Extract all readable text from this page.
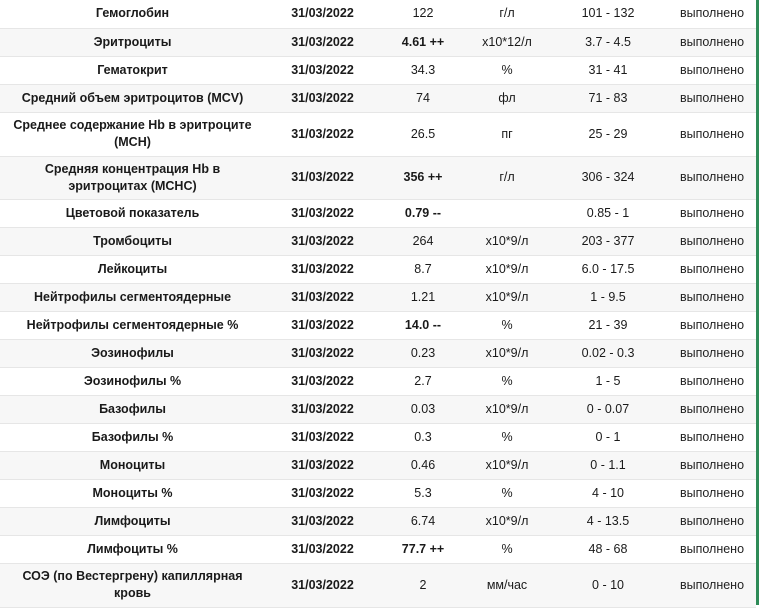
Гемоглобин	31/03/2022	122	г/л	101 - 132	выполнено
Эритроциты	31/03/2022	4.61 ++	x10*12/л	3.7 - 4.5	выполнено
Гематокрит	31/03/2022	34.3	%	31 - 41	выполнено
Средний объем эритроцитов (MCV)	31/03/2022	74	фл	71 - 83	выполнено
Среднее содержание Hb в эритроците (MCH)	31/03/2022	26.5	пг	25 - 29	выполнено
Средняя концентрация Hb в эритроцитах (MCHC)	31/03/2022	356 ++	г/л	306 - 324	выполнено
Цветовой показатель	31/03/2022	0.79 --		0.85 - 1	выполнено
Тромбоциты	31/03/2022	264	x10*9/л	203 - 377	выполнено
Лейкоциты	31/03/2022	8.7	x10*9/л	6.0 - 17.5	выполнено
Нейтрофилы сегментоядерные	31/03/2022	1.21	x10*9/л	1 - 9.5	выполнено
Нейтрофилы сегментоядерные %	31/03/2022	14.0 --	%	21 - 39	выполнено
Эозинофилы	31/03/2022	0.23	x10*9/л	0.02 - 0.3	выполнено
Эозинофилы %	31/03/2022	2.7	%	1 - 5	выполнено
Базофилы	31/03/2022	0.03	x10*9/л	0 - 0.07	выполнено
Базофилы %	31/03/2022	0.3	%	0 - 1	выполнено
Моноциты	31/03/2022	0.46	x10*9/л	0 - 1.1	выполнено
Моноциты %	31/03/2022	5.3	%	4 - 10	выполнено
Лимфоциты	31/03/2022	6.74	x10*9/л	4 - 13.5	выполнено
Лимфоциты %	31/03/2022	77.7 ++	%	48 - 68	выполнено
СОЭ (по Вестергрену) капиллярная кровь	31/03/2022	2	мм/час	0 - 10	выполнено
